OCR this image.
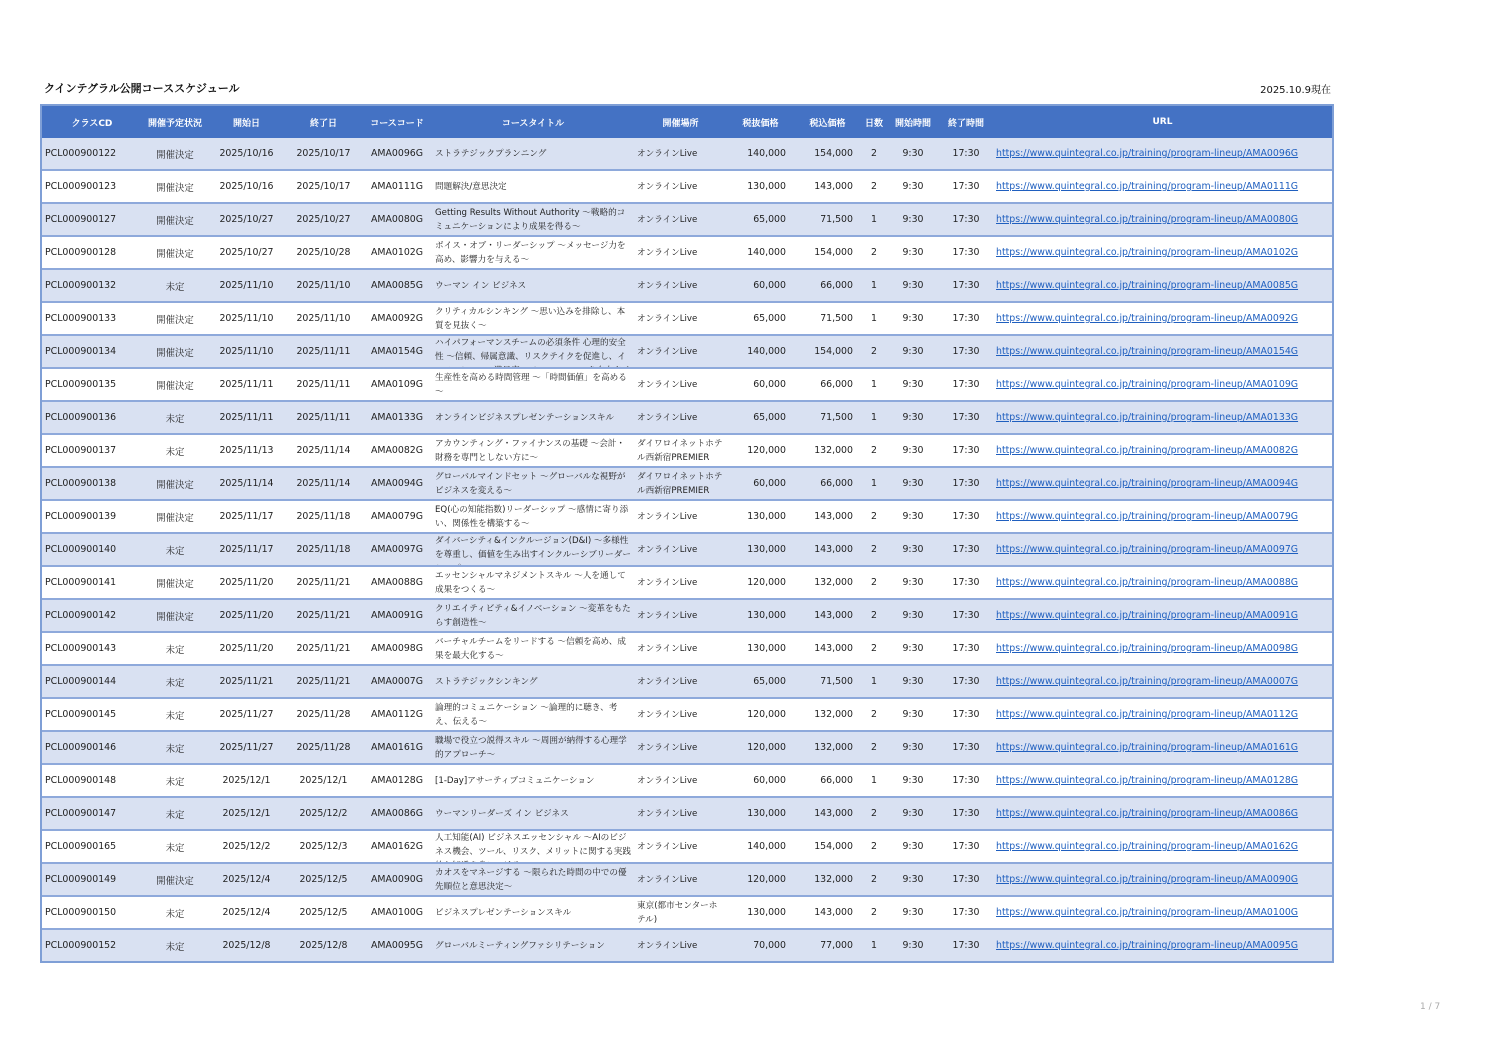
クインテグラル公開コーススケジュール	2025.10.9現在
クラスCD	開催予定状況	開始日	終了日	コースコード	コースタイトル	開催場所	税抜価格	税込価格	日数	開始時間	終了時間	URL
PCL000900122	開催決定	2025/10/16	2025/10/17	AMA0096G	ストラテジックプランニング	オンラインLive	140,000	154,000	2	9:30	17:30	https://www.quintegral.co.jp/training/program-lineup/AMA0096G
PCL000900123	開催決定	2025/10/16	2025/10/17	AMA0111G	問題解決/意思決定	オンラインLive	130,000	143,000	2	9:30	17:30	https://www.quintegral.co.jp/training/program-lineup/AMA0111G
PCL000900127	開催決定	2025/10/27	2025/10/27	AMA0080G	Getting Results Without Authority ～戦略的コミュニケーションにより成果を得る～	オンラインLive	65,000	71,500	1	9:30	17:30	https://www.quintegral.co.jp/training/program-lineup/AMA0080G
PCL000900128	開催決定	2025/10/27	2025/10/28	AMA0102G	ボイス・オブ・リーダーシップ ～メッセージ力を高め、影響力を与える～	オンラインLive	140,000	154,000	2	9:30	17:30	https://www.quintegral.co.jp/training/program-lineup/AMA0102G
PCL000900132	未定	2025/11/10	2025/11/10	AMA0085G	ウーマン イン ビジネス	オンラインLive	60,000	66,000	1	9:30	17:30	https://www.quintegral.co.jp/training/program-lineup/AMA0085G
PCL000900133	開催決定	2025/11/10	2025/11/10	AMA0092G	クリティカルシンキング ～思い込みを排除し、本質を見抜く～	オンラインLive	65,000	71,500	1	9:30	17:30	https://www.quintegral.co.jp/training/program-lineup/AMA0092G
PCL000900134	開催決定	2025/11/10	2025/11/11	AMA0154G	ハイパフォーマンスチームの必須条件 心理的安全性 ～信頼、帰属意識、リスクテイクを促進し、イ	オンラインLive	140,000	154,000	2	9:30	17:30	https://www.quintegral.co.jp/training/program-lineup/AMA0154G
PCL000900135	開催決定	2025/11/11	2025/11/11	AMA0109G	生産性を高める時間管理 ～「時間価値」を高める～	オンラインLive	60,000	66,000	1	9:30	17:30	https://www.quintegral.co.jp/training/program-lineup/AMA0109G
PCL000900136	未定	2025/11/11	2025/11/11	AMA0133G	オンラインビジネスプレゼンテーションスキル	オンラインLive	65,000	71,500	1	9:30	17:30	https://www.quintegral.co.jp/training/program-lineup/AMA0133G
PCL000900137	未定	2025/11/13	2025/11/14	AMA0082G	アカウンティング・ファイナンスの基礎 ～会計・財務を専門としない方に～	ダイワロイネットホテル西新宿PREMIER	120,000	132,000	2	9:30	17:30	https://www.quintegral.co.jp/training/program-lineup/AMA0082G
PCL000900138	開催決定	2025/11/14	2025/11/14	AMA0094G	グローバルマインドセット ～グローバルな視野がビジネスを変える～	ダイワロイネットホテル西新宿PREMIER	60,000	66,000	1	9:30	17:30	https://www.quintegral.co.jp/training/program-lineup/AMA0094G
PCL000900139	開催決定	2025/11/17	2025/11/18	AMA0079G	EQ(心の知能指数)リーダーシップ ～感情に寄り添い、関係性を構築する～	オンラインLive	130,000	143,000	2	9:30	17:30	https://www.quintegral.co.jp/training/program-lineup/AMA0079G
PCL000900140	未定	2025/11/17	2025/11/18	AMA0097G	ダイバーシティ&インクルージョン(D&I) ～多様性を尊重し、価値を生み出すインクルーシブリーダー	オンラインLive	130,000	143,000	2	9:30	17:30	https://www.quintegral.co.jp/training/program-lineup/AMA0097G
PCL000900141	開催決定	2025/11/20	2025/11/21	AMA0088G	エッセンシャルマネジメントスキル ～人を通して成果をつくる～	オンラインLive	120,000	132,000	2	9:30	17:30	https://www.quintegral.co.jp/training/program-lineup/AMA0088G
PCL000900142	開催決定	2025/11/20	2025/11/21	AMA0091G	クリエイティビティ&イノベーション ～変革をもたらす創造性～	オンラインLive	130,000	143,000	2	9:30	17:30	https://www.quintegral.co.jp/training/program-lineup/AMA0091G
PCL000900143	未定	2025/11/20	2025/11/21	AMA0098G	バーチャルチームをリードする ～信頼を高め、成果を最大化する～	オンラインLive	130,000	143,000	2	9:30	17:30	https://www.quintegral.co.jp/training/program-lineup/AMA0098G
PCL000900144	未定	2025/11/21	2025/11/21	AMA0007G	ストラテジックシンキング	オンラインLive	65,000	71,500	1	9:30	17:30	https://www.quintegral.co.jp/training/program-lineup/AMA0007G
PCL000900145	未定	2025/11/27	2025/11/28	AMA0112G	論理的コミュニケーション ～論理的に聴き、考え、伝える～	オンラインLive	120,000	132,000	2	9:30	17:30	https://www.quintegral.co.jp/training/program-lineup/AMA0112G
PCL000900146	未定	2025/11/27	2025/11/28	AMA0161G	職場で役立つ説得スキル ～周囲が納得する心理学的アプローチ～	オンラインLive	120,000	132,000	2	9:30	17:30	https://www.quintegral.co.jp/training/program-lineup/AMA0161G
PCL000900148	未定	2025/12/1	2025/12/1	AMA0128G	[1-Day]アサーティブコミュニケーション	オンラインLive	60,000	66,000	1	9:30	17:30	https://www.quintegral.co.jp/training/program-lineup/AMA0128G
PCL000900147	未定	2025/12/1	2025/12/2	AMA0086G	ウーマンリーダーズ イン ビジネス	オンラインLive	130,000	143,000	2	9:30	17:30	https://www.quintegral.co.jp/training/program-lineup/AMA0086G
PCL000900165	未定	2025/12/2	2025/12/3	AMA0162G	人工知能(AI) ビジネスエッセンシャル ～AIのビジネス機会、ツール、リスク、メリットに関する実践	オンラインLive	140,000	154,000	2	9:30	17:30	https://www.quintegral.co.jp/training/program-lineup/AMA0162G
PCL000900149	開催決定	2025/12/4	2025/12/5	AMA0090G	カオスをマネージする ～限られた時間の中での優先順位と意思決定～	オンラインLive	120,000	132,000	2	9:30	17:30	https://www.quintegral.co.jp/training/program-lineup/AMA0090G
PCL000900150	未定	2025/12/4	2025/12/5	AMA0100G	ビジネスプレゼンテーションスキル	東京(都市センターホテル)	130,000	143,000	2	9:30	17:30	https://www.quintegral.co.jp/training/program-lineup/AMA0100G
PCL000900152	未定	2025/12/8	2025/12/8	AMA0095G	グローバルミーティングファシリテーション	オンラインLive	70,000	77,000	1	9:30	17:30	https://www.quintegral.co.jp/training/program-lineup/AMA0095G
1 / 7
